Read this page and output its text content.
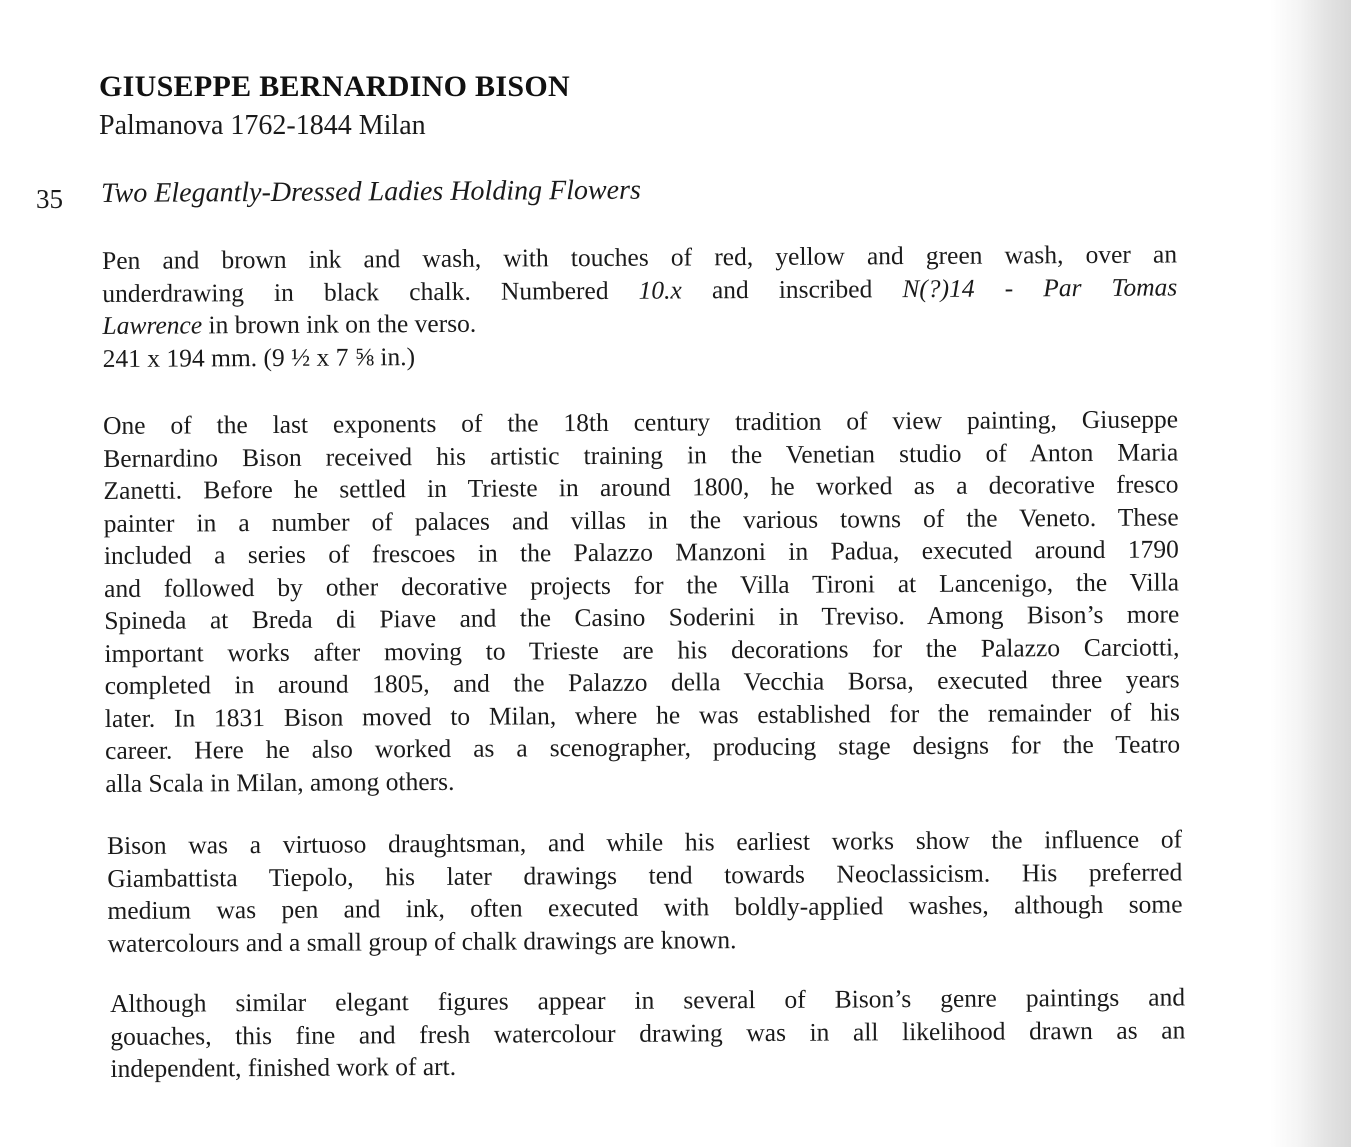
GIUSEPPE BERNARDINO BISON
Palmanova 1762-1844 Milan
35 Two Elegantly-Dressed Ladies Holding Flowers
Pen and brown ink and wash, with touches of red, yellow and green wash, over an
underdrawing in black chalk. Numbered 10.x and inscribed N(?)14 - Par Tomas
Lawrence in brown ink on the verso.
241 x 194 mm. (9 ½ x 7 ⅝ in.)
One of the last exponents of the 18th century tradition of view painting, Giuseppe
Bernardino Bison received his artistic training in the Venetian studio of Anton Maria
Zanetti. Before he settled in Trieste in around 1800, he worked as a decorative fresco
painter in a number of palaces and villas in the various towns of the Veneto. These
included a series of frescoes in the Palazzo Manzoni in Padua, executed around 1790
and followed by other decorative projects for the Villa Tironi at Lancenigo, the Villa
Spineda at Breda di Piave and the Casino Soderini in Treviso. Among Bison’s more
important works after moving to Trieste are his decorations for the Palazzo Carciotti,
completed in around 1805, and the Palazzo della Vecchia Borsa, executed three years
later. In 1831 Bison moved to Milan, where he was established for the remainder of his
career. Here he also worked as a scenographer, producing stage designs for the Teatro
alla Scala in Milan, among others.
Bison was a virtuoso draughtsman, and while his earliest works show the influence of
Giambattista Tiepolo, his later drawings tend towards Neoclassicism. His preferred
medium was pen and ink, often executed with boldly-applied washes, although some
watercolours and a small group of chalk drawings are known.
Although similar elegant figures appear in several of Bison’s genre paintings and
gouaches, this fine and fresh watercolour drawing was in all likelihood drawn as an
independent, finished work of art.
